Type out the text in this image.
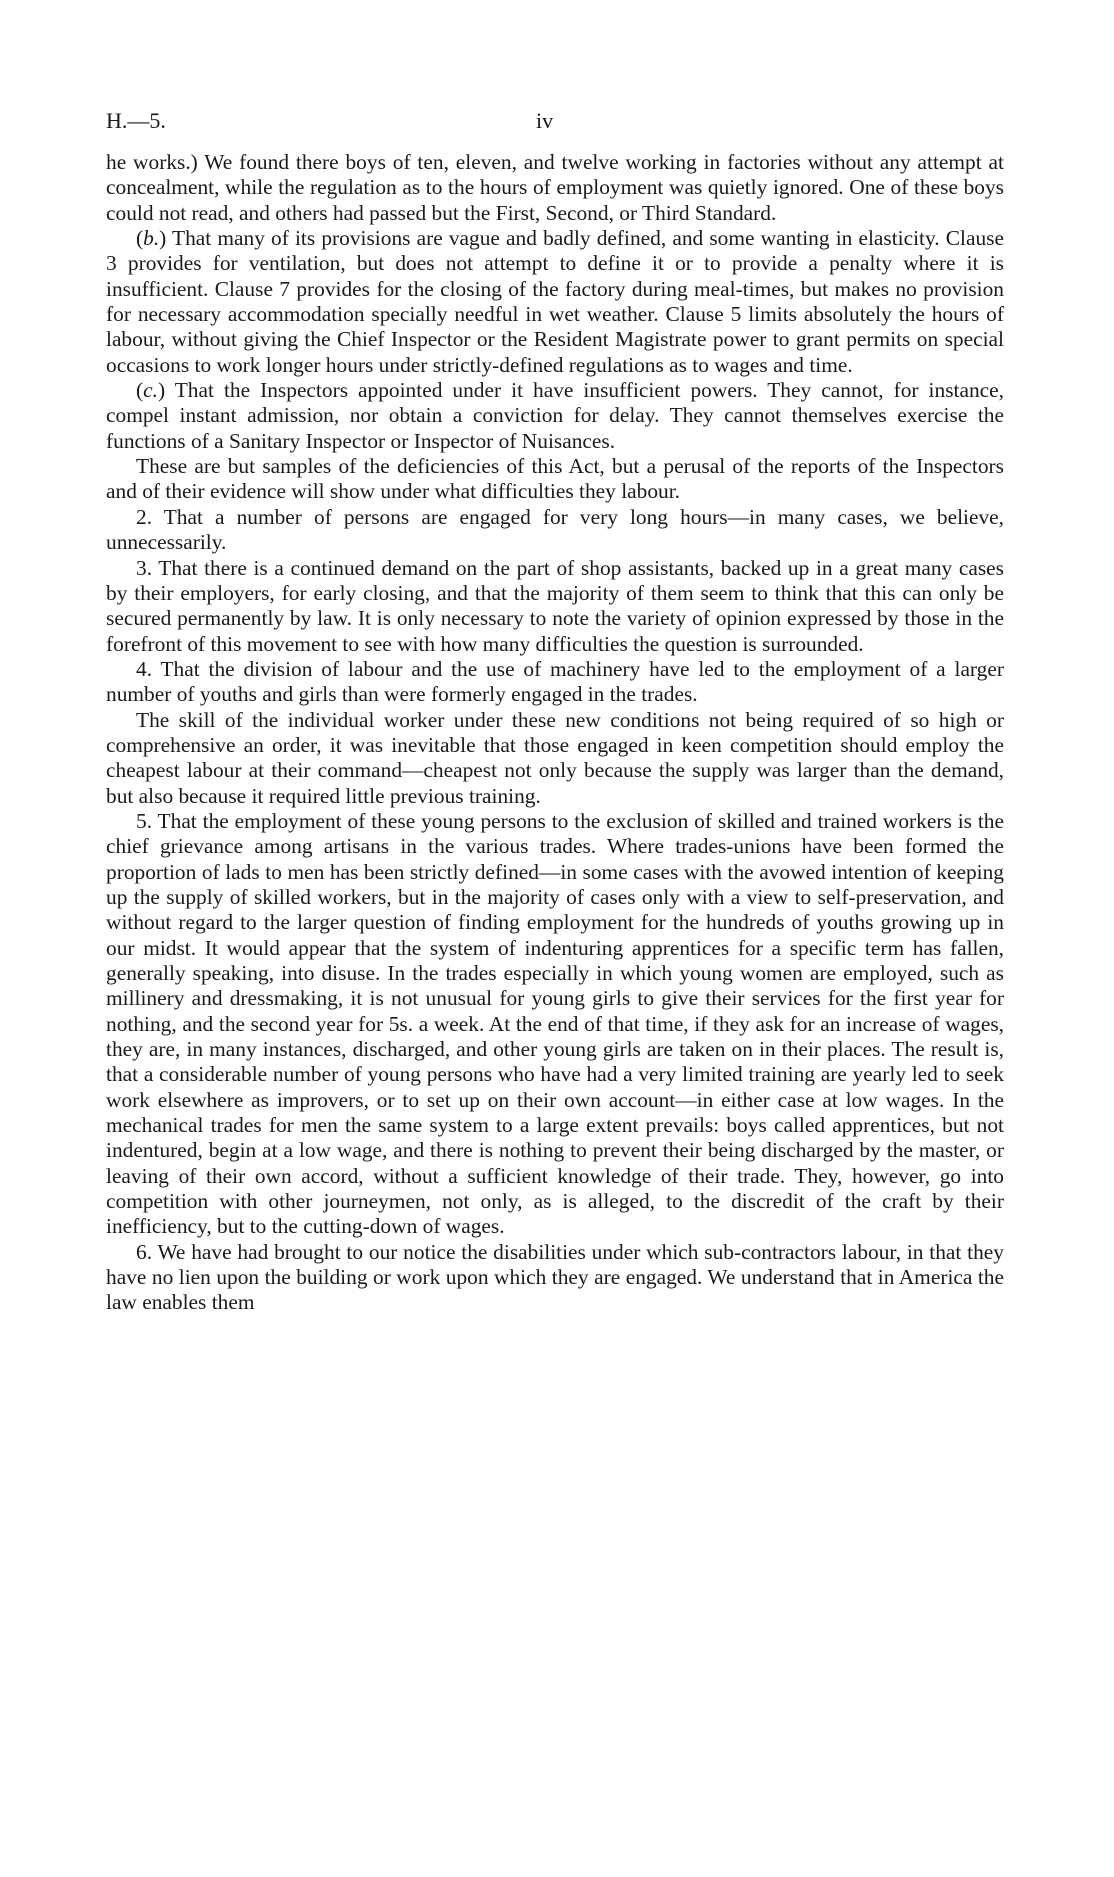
H.—5.	iv

he works.) We found there boys of ten, eleven, and twelve working in factories without any attempt at concealment, while the regulation as to the hours of employment was quietly ignored. One of these boys could not read, and others had passed but the First, Second, or Third Standard.

(b.) That many of its provisions are vague and badly defined, and some wanting in elasticity. Clause 3 provides for ventilation, but does not attempt to define it or to provide a penalty where it is insufficient. Clause 7 provides for the closing of the factory during meal-times, but makes no provision for necessary accommodation specially needful in wet weather. Clause 5 limits absolutely the hours of labour, without giving the Chief Inspector or the Resident Magistrate power to grant permits on special occasions to work longer hours under strictly-defined regulations as to wages and time.

(c.) That the Inspectors appointed under it have insufficient powers. They cannot, for instance, compel instant admission, nor obtain a conviction for delay. They cannot themselves exercise the functions of a Sanitary Inspector or Inspector of Nuisances.

These are but samples of the deficiencies of this Act, but a perusal of the reports of the Inspectors and of their evidence will show under what difficulties they labour.

2. That a number of persons are engaged for very long hours—in many cases, we believe, unnecessarily.

3. That there is a continued demand on the part of shop assistants, backed up in a great many cases by their employers, for early closing, and that the majority of them seem to think that this can only be secured permanently by law. It is only necessary to note the variety of opinion expressed by those in the forefront of this movement to see with how many difficulties the question is surrounded.

4. That the division of labour and the use of machinery have led to the employment of a larger number of youths and girls than were formerly engaged in the trades.

The skill of the individual worker under these new conditions not being required of so high or comprehensive an order, it was inevitable that those engaged in keen competition should employ the cheapest labour at their command—cheapest not only because the supply was larger than the demand, but also because it required little previous training.

5. That the employment of these young persons to the exclusion of skilled and trained workers is the chief grievance among artisans in the various trades. Where trades-unions have been formed the proportion of lads to men has been strictly defined—in some cases with the avowed intention of keeping up the supply of skilled workers, but in the majority of cases only with a view to self-preservation, and without regard to the larger question of finding employment for the hundreds of youths growing up in our midst. It would appear that the system of indenturing apprentices for a specific term has fallen, generally speaking, into disuse. In the trades especially in which young women are employed, such as millinery and dressmaking, it is not unusual for young girls to give their services for the first year for nothing, and the second year for 5s. a week. At the end of that time, if they ask for an increase of wages, they are, in many instances, discharged, and other young girls are taken on in their places. The result is, that a considerable number of young persons who have had a very limited training are yearly led to seek work elsewhere as improvers, or to set up on their own account—in either case at low wages. In the mechanical trades for men the same system to a large extent prevails: boys called apprentices, but not indentured, begin at a low wage, and there is nothing to prevent their being discharged by the master, or leaving of their own accord, without a sufficient knowledge of their trade. They, however, go into competition with other journeymen, not only, as is alleged, to the discredit of the craft by their inefficiency, but to the cutting-down of wages.

6. We have had brought to our notice the disabilities under which sub-contractors labour, in that they have no lien upon the building or work upon which they are engaged. We understand that in America the law enables them
